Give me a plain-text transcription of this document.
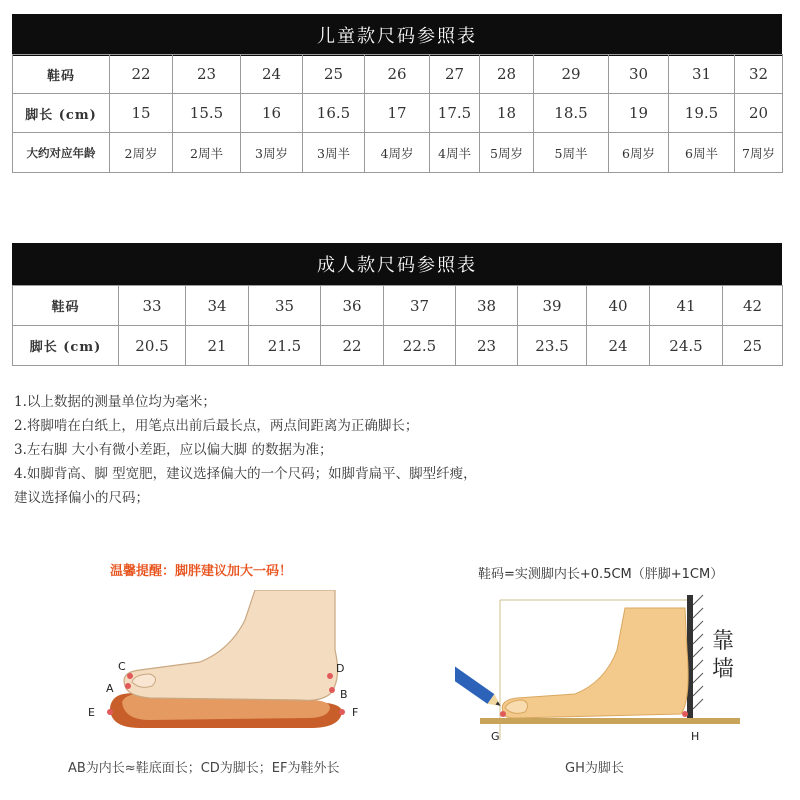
儿童款尺码参照表
鞋码	22	23	24	25	26	27	28	29	30	31	32
脚长 (cm)	15	15.5	16	16.5	17	17.5	18	18.5	19	19.5	20
大约对应年龄	2周岁	2周半	3周岁	3周半	4周岁	4周半	5周岁	5周半	6周岁	6周半	7周岁
成人款尺码参照表
鞋码	33	34	35	36	37	38	39	40	41	42
脚长 (cm)	20.5	21	21.5	22	22.5	23	23.5	24	24.5	25
1.以上数据的测量单位均为毫米；
2.将脚啃在白纸上，用笔点出前后最长点，两点间距离为正确脚长；
3.左右脚 大小有微小差距，应以偏大脚 的数据为准；
4.如脚背高、脚 型宽肥，建议选择偏大的一个尺码；如脚背扁平、脚型纤瘦，
建议选择偏小的尺码；
温馨提醒：脚胖建议加大一码！
A	B
C	D
E	F
AB为内长≈鞋底面长；CD为脚长；EF为鞋外长
鞋码=实测脚内长+0.5CM（胖脚+1CM）
G	H
靠墙
GH为脚长
